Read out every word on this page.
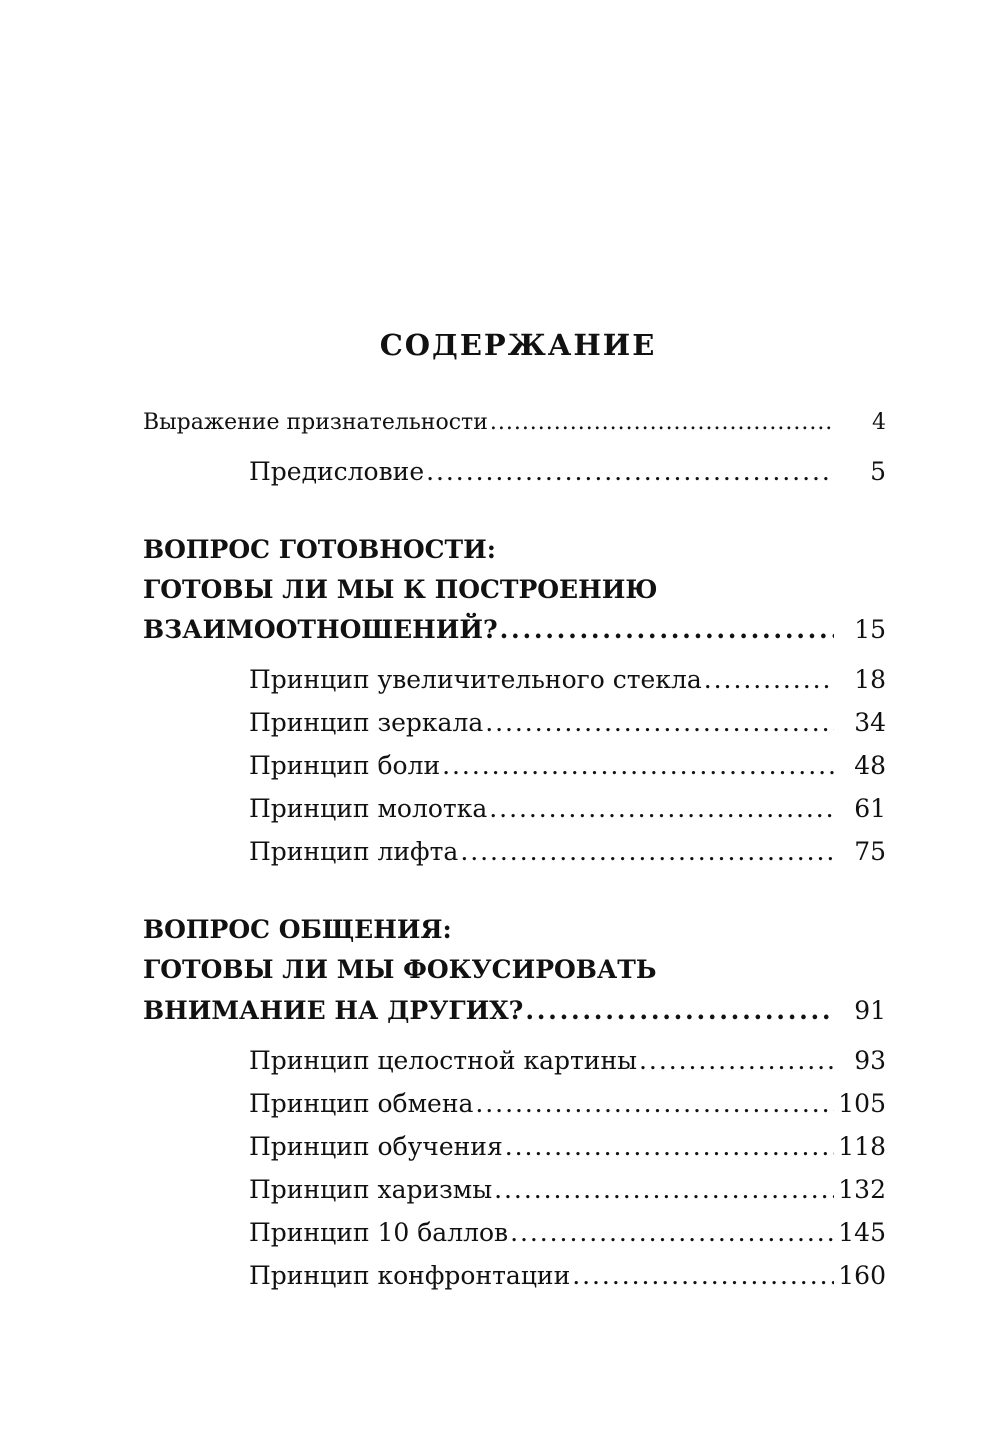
СОДЕРЖАНИЕ
Выражение признательности . . .	4
Предисловие . . .	5
ВОПРОС ГОТОВНОСТИ:
ГОТОВЫ ЛИ МЫ К ПОСТРОЕНИЮ
ВЗАИМООТНОШЕНИЙ? . . .	15
Принцип увеличительного стекла . . .	18
Принцип зеркала . . .	34
Принцип боли . . .	48
Принцип молотка . . .	61
Принцип лифта . . .	75
ВОПРОС ОБЩЕНИЯ:
ГОТОВЫ ЛИ МЫ ФОКУСИРОВАТЬ
ВНИМАНИЕ НА ДРУГИХ? . . .	91
Принцип целостной картины . . .	93
Принцип обмена . . .	105
Принцип обучения . . .	118
Принцип харизмы . . .	132
Принцип 10 баллов . . .	145
Принцип конфронтации . . .	160
